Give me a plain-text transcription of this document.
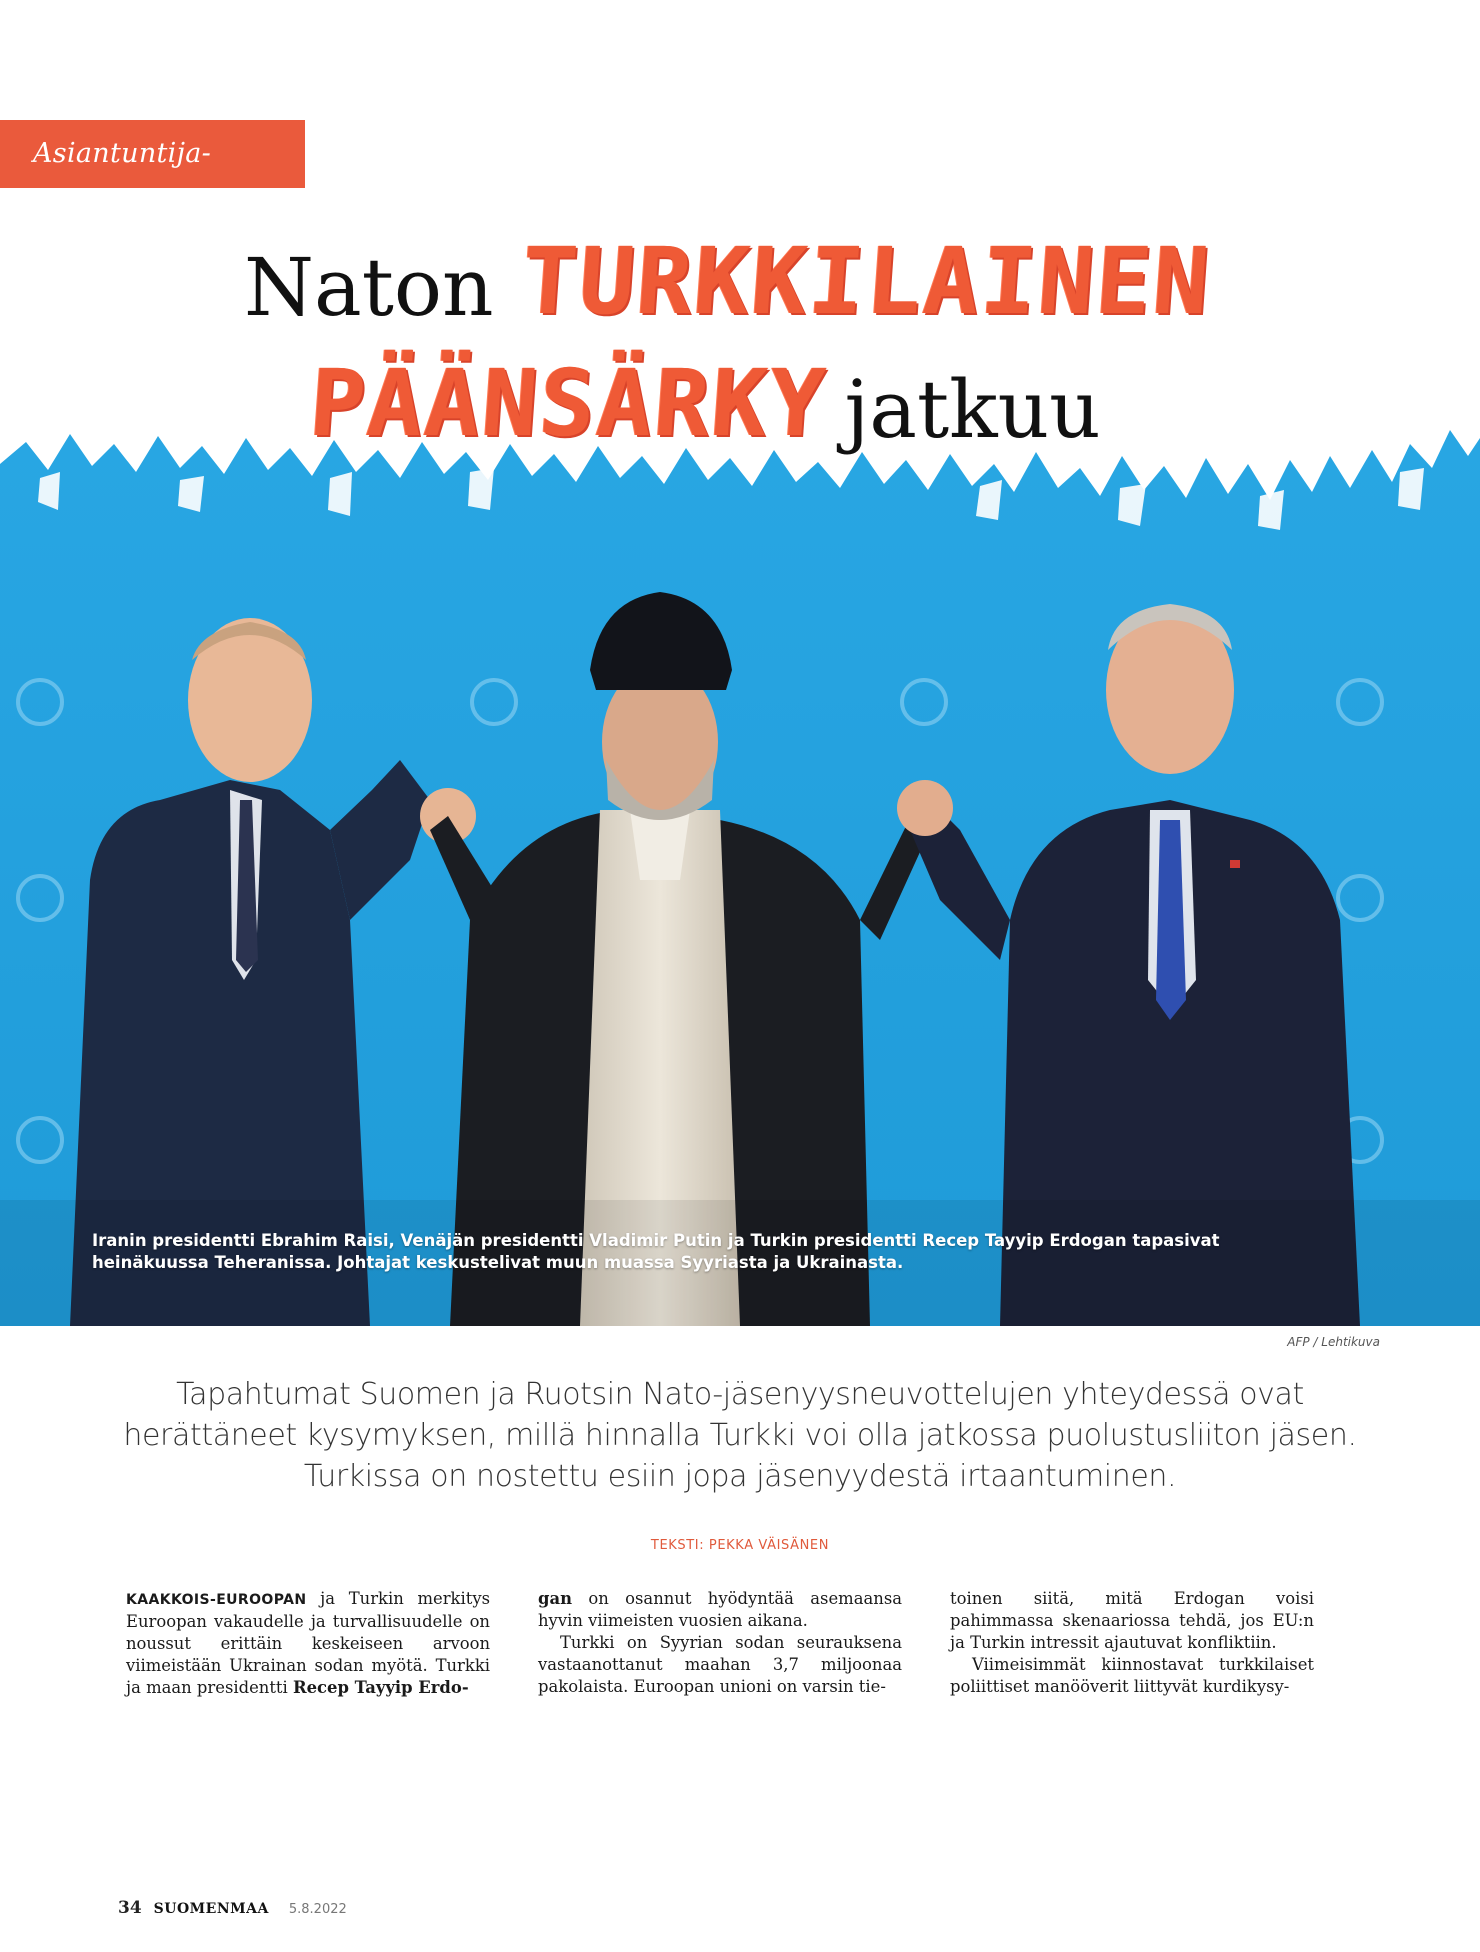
Asiantuntija-artikkeli
Naton TURKKILAINEN
PÄÄNSÄRKY jatkuu
Iranin presidentti Ebrahim Raisi, Venäjän presidentti Vladimir Putin ja Turkin presidentti Recep Tayyip Erdogan tapasivat heinäkuussa Teheranissa. Johtajat keskustelivat muun muassa Syyriasta ja Ukrainasta.
AFP / Lehtikuva
Tapahtumat Suomen ja Ruotsin Nato-jäsenyysneuvottelujen yhteydessä ovat herättäneet kysymyksen, millä hinnalla Turkki voi olla jatkossa puolustusliiton jäsen. Turkissa on nostettu esiin jopa jäsenyydestä irtaantuminen.
TEKSTI: PEKKA VÄISÄNEN

KAAKKOIS-EUROOPAN ja Turkin merkitys Euroopan vakaudelle ja turvallisuudelle on noussut erittäin keskeiseen arvoon viimeistään Ukrainan sodan myötä. Turkki ja maan presidentti Recep Tayyip Erdo-

gan on osannut hyödyntää asemaansa hyvin viimeisten vuosien aikana.

Turkki on Syyrian sodan seurauksena vastaanottanut maahan 3,7 miljoonaa pakolaista. Euroopan unioni on varsin tie-

toinen siitä, mitä Erdogan voisi pahimmassa skenaariossa tehdä, jos EU:n ja Turkin intressit ajautuvat konfliktiin.

Viimeisimmät kiinnostavat turkkilaiset poliittiset manööverit liittyvät kurdikysy-

34 SUOMENMAA 5.8.2022
